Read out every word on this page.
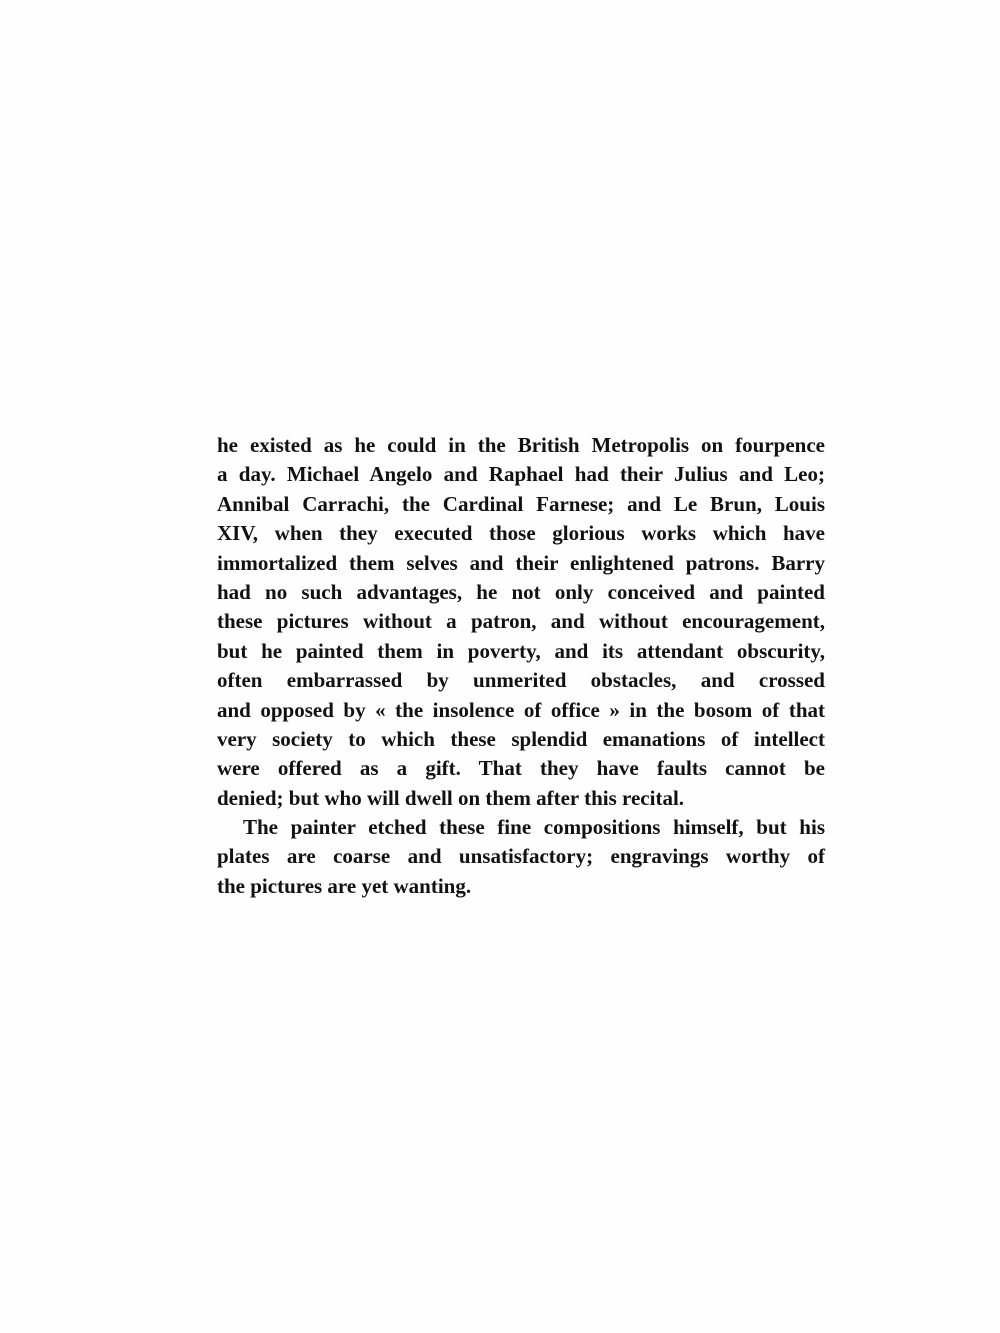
he existed as he could in the British Metropolis on fourpence
a day. Michael Angelo and Raphael had their Julius and Leo;
Annibal Carrachi, the Cardinal Farnese; and Le Brun, Louis
XIV, when they executed those glorious works which have
immortalized them selves and their enlightened patrons. Barry
had no such advantages, he not only conceived and painted
these pictures without a patron, and without encouragement,
but he painted them in poverty, and its attendant obscurity,
often embarrassed by unmerited obstacles, and crossed
and opposed by « the insolence of office » in the bosom of that
very society to which these splendid emanations of intellect
were offered as a gift. That they have faults cannot be
denied; but who will dwell on them after this recital.
The painter etched these fine compositions himself, but his
plates are coarse and unsatisfactory; engravings worthy of
the pictures are yet wanting.
